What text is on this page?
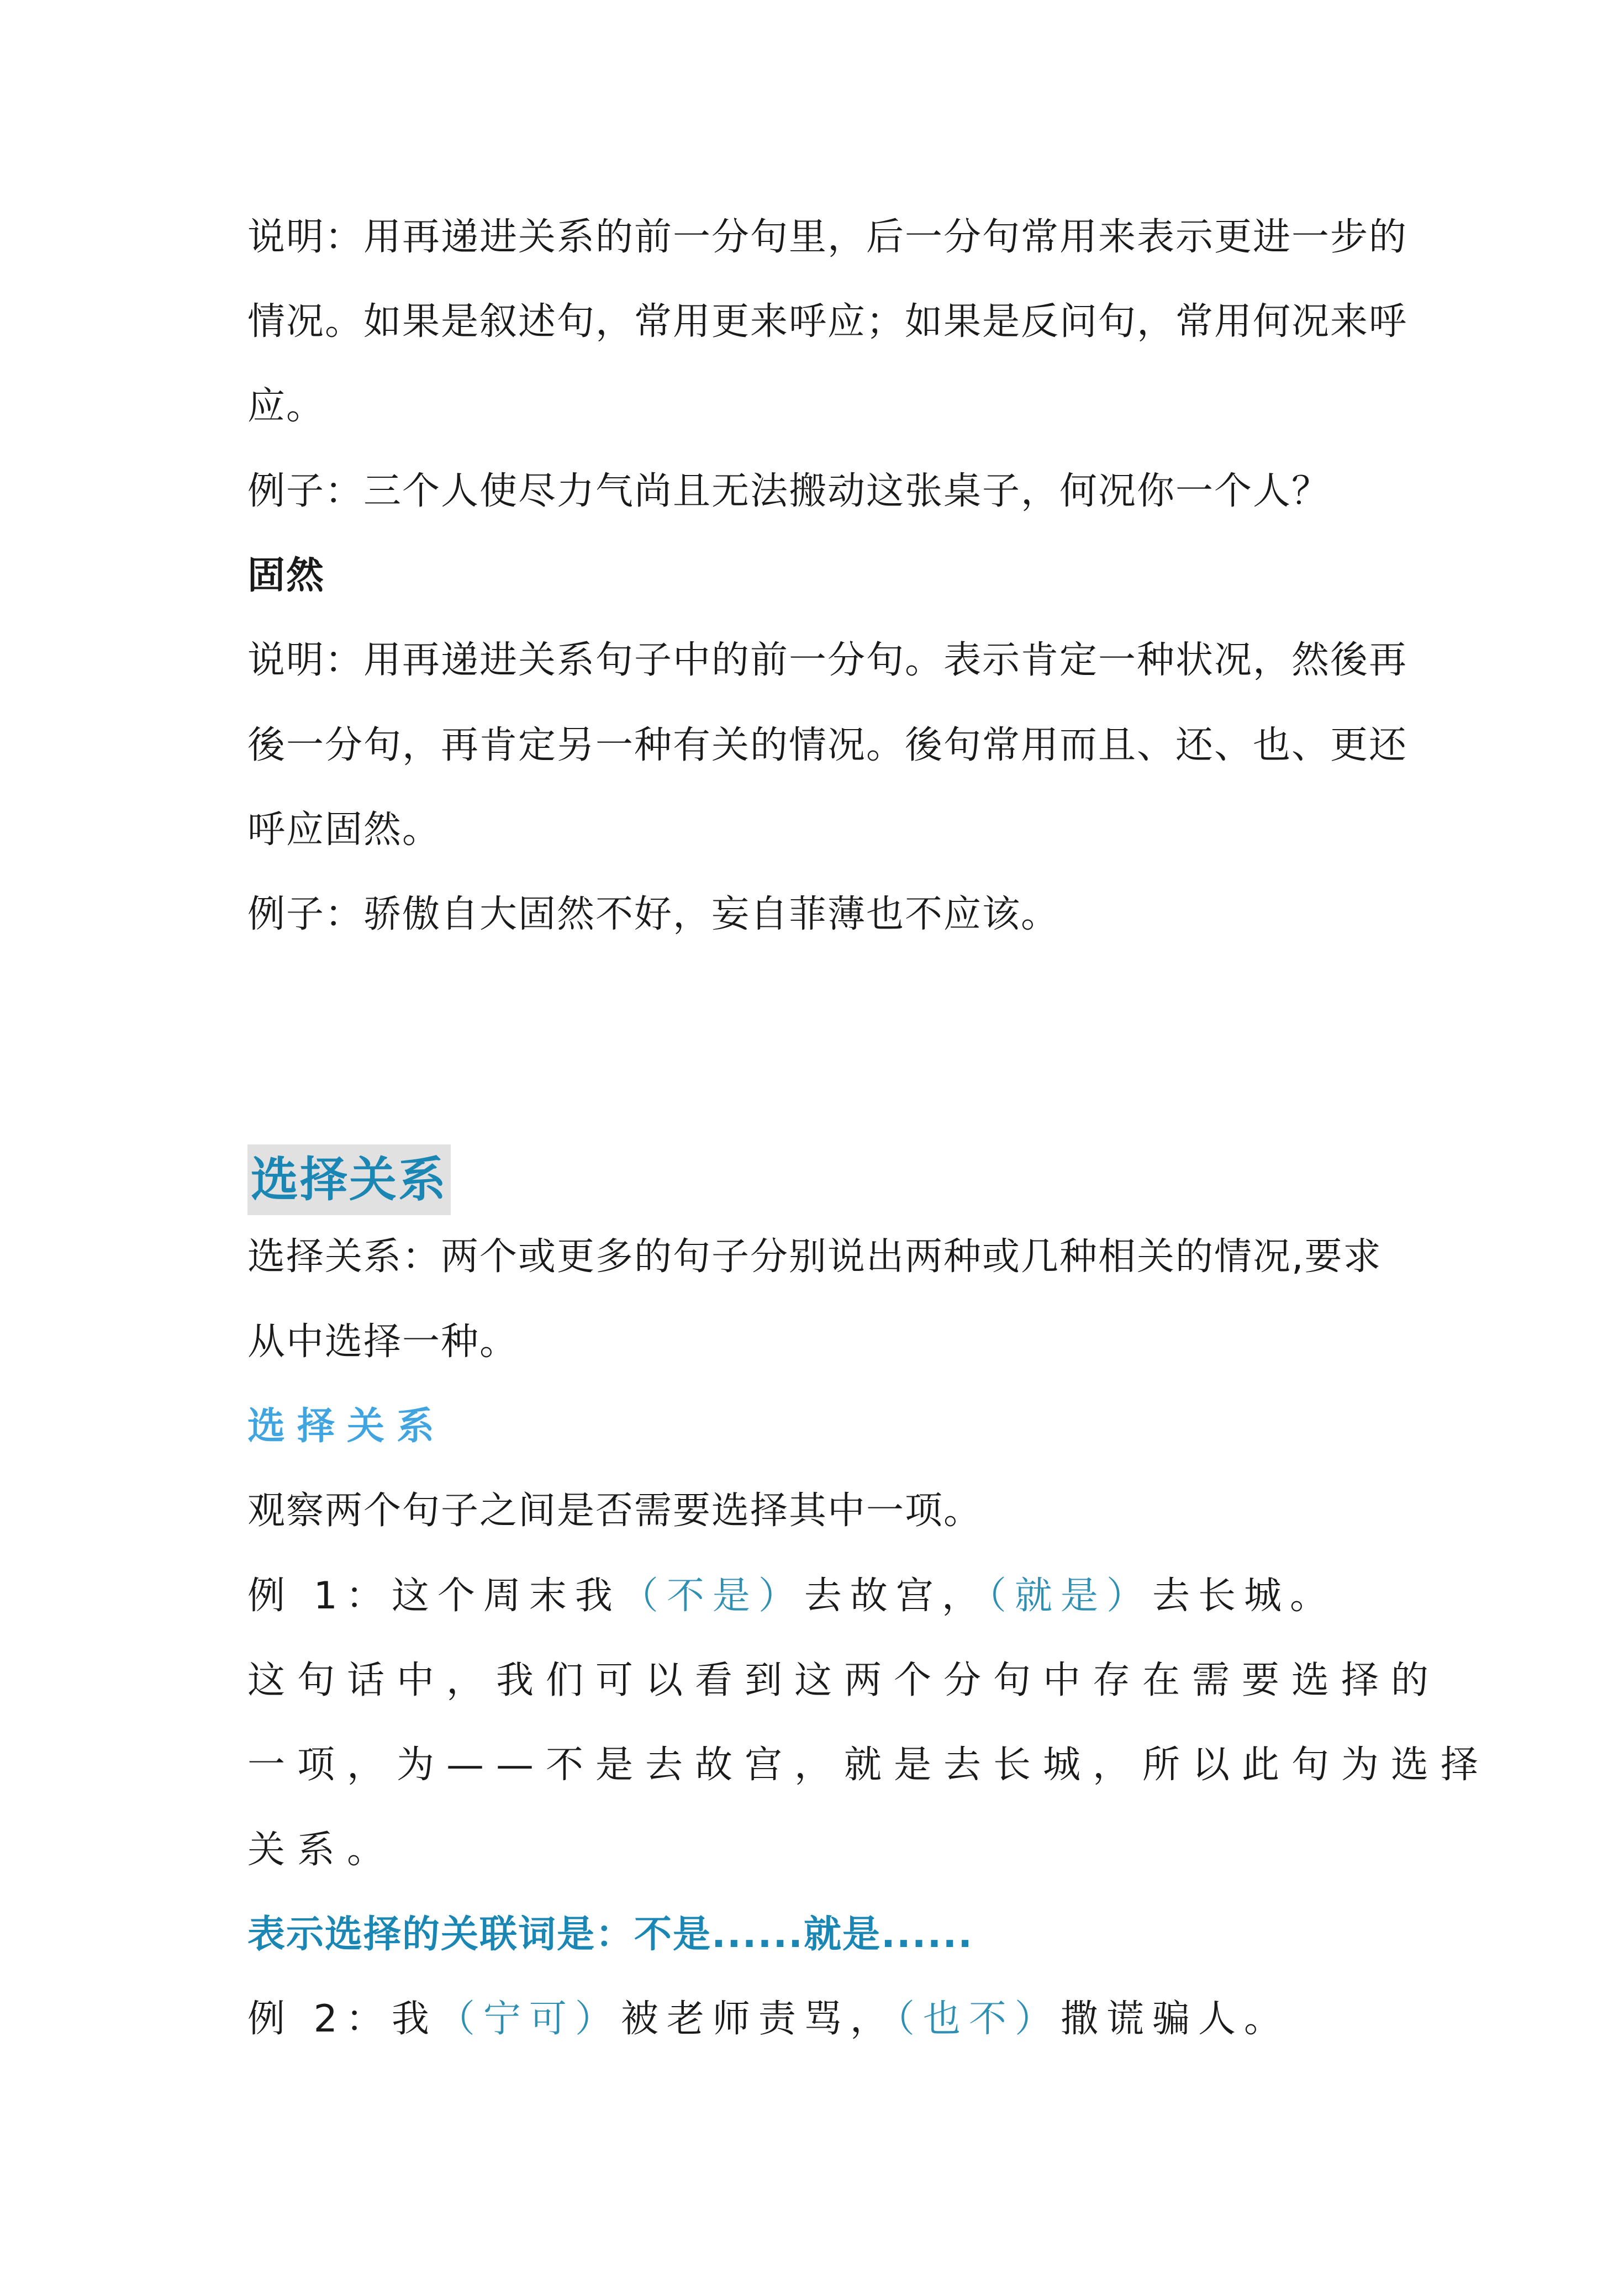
说明：用再递进关系的前一分句里，后一分句常用来表示更进一步的
情况。如果是叙述句，常用更来呼应；如果是反问句，常用何况来呼
应。
例子：三个人使尽力气尚且无法搬动这张桌子，何况你一个人？
固然
说明：用再递进关系句子中的前一分句。表示肯定一种状况，然後再
後一分句，再肯定另一种有关的情况。後句常用而且、还、也、更还
呼应固然。
例子：骄傲自大固然不好，妄自菲薄也不应该。
选择关系
选择关系：两个或更多的句子分别说出两种或几种相关的情况,要求
从中选择一种。
选择关系
观察两个句子之间是否需要选择其中一项。
例 1：这个周末我（不是）去故宫，（就是）去长城。
这句话中，我们可以看到这两个分句中存在需要选择的
一项，为——不是去故宫，就是去长城，所以此句为选择
关系。
表示选择的关联词是：不是......就是......
例 2：我（宁可）被老师责骂，（也不）撒谎骗人。
